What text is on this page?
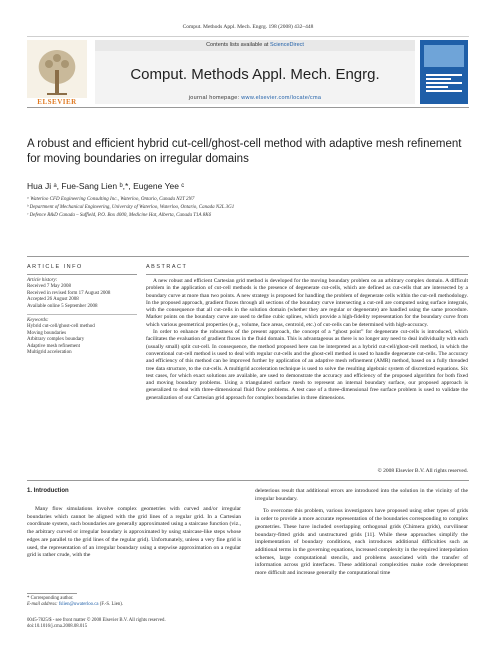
Comput. Methods Appl. Mech. Engrg. 198 (2008) 432–448
ELSEVIER
Contents lists available at ScienceDirect
Comput. Methods Appl. Mech. Engrg.
journal homepage: www.elsevier.com/locate/cma
A robust and efficient hybrid cut-cell/ghost-cell method with adaptive mesh refinement for moving boundaries on irregular domains
Hua Ji ᵃ, Fue-Sang Lien ᵇ,*, Eugene Yee ᶜ
ᵃ Waterloo CFD Engineering Consulting Inc., Waterloo, Ontario, Canada N2T 2N7
ᵇ Department of Mechanical Engineering, University of Waterloo, Waterloo, Ontario, Canada N2L 3G1
ᶜ Defence R&D Canada – Suffield, P.O. Box 4000, Medicine Hat, Alberta, Canada T1A 8K6
ARTICLE INFO	ABSTRACT
Article history:
Received 7 May 2008
Received in revised form 17 August 2008
Accepted 26 August 2008
Available online 5 September 2008
Keywords:
Hybrid cut-cell/ghost-cell method
Moving boundaries
Arbitrary complex boundary
Adaptive mesh refinement
Multigrid acceleration

A new robust and efficient Cartesian grid method is developed for the moving boundary problem on an arbitrary complex domain. A difficult problem in the application of cut-cell methods is the presence of degenerate cut-cells, which are defined as cut-cells that are intersected by a boundary curve at more than two points. A new strategy is proposed for handling the problem of degenerate cells within the cut-cell methodology. In the proposed approach, gradient fluxes through all sections of the boundary curve intersecting a cut-cell are computed using surface integrals, with the consequence that all cut-cells in the solution domain (whether they are regular or degenerate) are handled using the same procedure. Marker points on the boundary curve are used to define cubic splines, which provide a high-fidelity representation for the boundary curve from which various geometrical properties (e.g., volume, face areas, centroid, etc.) of cut-cells can be determined with high-accuracy.

In order to enhance the robustness of the present approach, the concept of a “ghost point” for degenerate cut-cells is introduced, which facilitates the evaluation of gradient fluxes in the fluid domain. This is advantageous as there is no longer any need to deal individually with each (usually small) split cut-cell. In consequence, the method proposed here can be interpreted as a hybrid cut-cell/ghost-cell method, in which the conventional cut-cell method is used to deal with regular cut-cells and the ghost-cell method is used to handle degenerate cut-cells. The accuracy and efficiency of this method can be improved further by application of an adaptive mesh refinement (AMR) method, based on a fully threaded tree data structure, to the cut-cells. A multigrid acceleration technique is used to solve the resulting algebraic system of discretized equations. Six test cases, for which exact solutions are available, are used to demonstrate the accuracy and efficiency of the proposed algorithm for both fixed and moving boundary problems. Using a triangulated surface mesh to represent an internal boundary surface, our proposed approach is generalized to deal with three-dimensional fluid flow problems. A test case of a three-dimensional free surface problem is used to validate the generalization of our Cartesian grid approach for complex boundaries in three dimensions.

© 2008 Elsevier B.V. All rights reserved.
1. Introduction

Many flow simulations involve complex geometries with curved and/or irregular boundaries which cannot be aligned with the grid lines of a regular grid. In a Cartesian coordinate system, such boundaries are generally approximated using a staircase function (viz., the arbitrary curved or irregular boundary is approximated by using staircase-like steps whose edges are parallel to the grid lines of the regular grid). Unfortunately, unless a very fine grid is used, the representation of an irregular boundary using a stepwise approximation on a regular grid is rather crude, with the

deleterious result that additional errors are introduced into the solution in the vicinity of the irregular boundary.

To overcome this problem, various investigators have proposed using other types of grids in order to provide a more accurate representation of the boundaries corresponding to complex geometries. These have included overlapping orthogonal grids (Chimera grids), curvilinear boundary-fitted grids and unstructured grids [11]. While these approaches simplify the implementation of boundary conditions, each introduces additional difficulties such as additional terms in the governing equations, increased complexity in the required interpolation schemes, large computational stencils, and problems associated with the transfer of information across grid interfaces. These additional complexities make code development more difficult and increase generally the computational time

* Corresponding author.
E-mail address: fslien@uwaterloo.ca (F.-S. Lien).
0045-7825/$ - see front matter © 2008 Elsevier B.V. All rights reserved.
doi:10.1016/j.cma.2008.08.015
